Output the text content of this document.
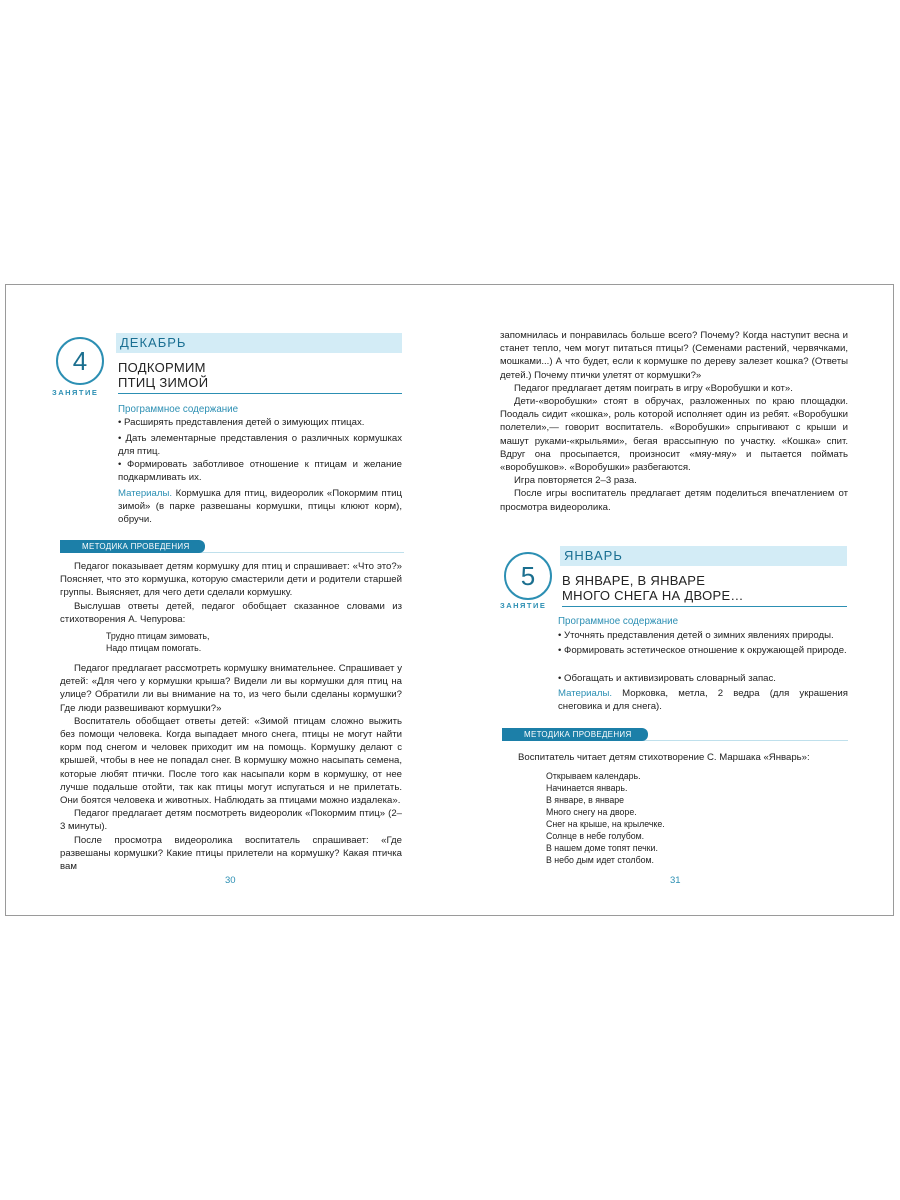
4
ЗАНЯТИЕ
ДЕКАБРЬ
ПОДКОРМИМ
ПТИЦ ЗИМОЙ
Программное содержание
• Расширять представления детей о зимующих птицах.
• Дать элементарные представления о различных кормушках для птиц.
• Формировать заботливое отношение к птицам и желание подкармливать их.
Материалы. Кормушка для птиц, видеоролик «Покормим птиц зимой» (в парке развешаны кормушки, птицы клюют корм), обручи.
МЕТОДИКА ПРОВЕДЕНИЯ

Педагог показывает детям кормушку для птиц и спрашивает: «Что это?» Поясняет, что это кормушка, которую смастерили дети и родители старшей группы. Выясняет, для чего дети сделали кормушку.

Выслушав ответы детей, педагог обобщает сказанное словами из стихотворения А. Чепурова:

Трудно птицам зимовать,
Надо птицам помогать.

Педагог предлагает рассмотреть кормушку внимательнее. Спрашивает у детей: «Для чего у кормушки крыша? Видели ли вы кормушки для птиц на улице? Обратили ли вы внимание на то, из чего были сделаны кормушки? Где люди развешивают кормушки?»

Воспитатель обобщает ответы детей: «Зимой птицам сложно выжить без помощи человека. Когда выпадает много снега, птицы не могут найти корм под снегом и человек приходит им на помощь. Кормушку делают с крышей, чтобы в нее не попадал снег. В кормушку можно насыпать семена, которые любят птички. После того как насыпали корм в кормушку, от нее лучше подальше отойти, так как птицы могут испугаться и не прилетать. Они боятся человека и животных. Наблюдать за птицами можно издалека».

Педагог предлагает детям посмотреть видеоролик «Покормим птиц» (2–3 минуты).

После просмотра видеоролика воспитатель спрашивает: «Где развешаны кормушки? Какие птицы прилетели на кормушку? Какая птичка вам

30

запомнилась и понравилась больше всего? Почему? Когда наступит весна и станет тепло, чем могут питаться птицы? (Семенами растений, червячками, мошками...) А что будет, если к кормушке по дереву залезет кошка? (Ответы детей.) Почему птички улетят от кормушки?»

Педагог предлагает детям поиграть в игру «Воробушки и кот».

Дети-«воробушки» стоят в обручах, разложенных по краю площадки. Поодаль сидит «кошка», роль которой исполняет один из ребят. «Воробушки полетели»,— говорит воспитатель. «Воробушки» спрыгивают с крыши и машут руками-«крыльями», бегая врассыпную по участку. «Кошка» спит. Вдруг она просыпается, произносит «мяу-мяу» и пытается поймать «воробушков». «Воробушки» разбегаются.

Игра повторяется 2–3 раза.

После игры воспитатель предлагает детям поделиться впечатлением от просмотра видеоролика.

5
ЗАНЯТИЕ
ЯНВАРЬ
В ЯНВАРЕ, В ЯНВАРЕ
МНОГО СНЕГА НА ДВОРЕ…
Программное содержание
• Уточнять представления детей о зимних явлениях природы.
• Формировать эстетическое отношение к окружающей природе.
• Обогащать и активизировать словарный запас.
Материалы. Морковка, метла, 2 ведра (для украшения снеговика и для снега).
МЕТОДИКА ПРОВЕДЕНИЯ
Воспитатель читает детям стихотворение С. Маршака «Январь»:
Открываем календарь.
Начинается январь.
В январе, в январе
Много снегу на дворе.
Снег на крыше, на крылечке.
Солнце в небе голубом.
В нашем доме топят печки.
В небо дым идет столбом.
31
